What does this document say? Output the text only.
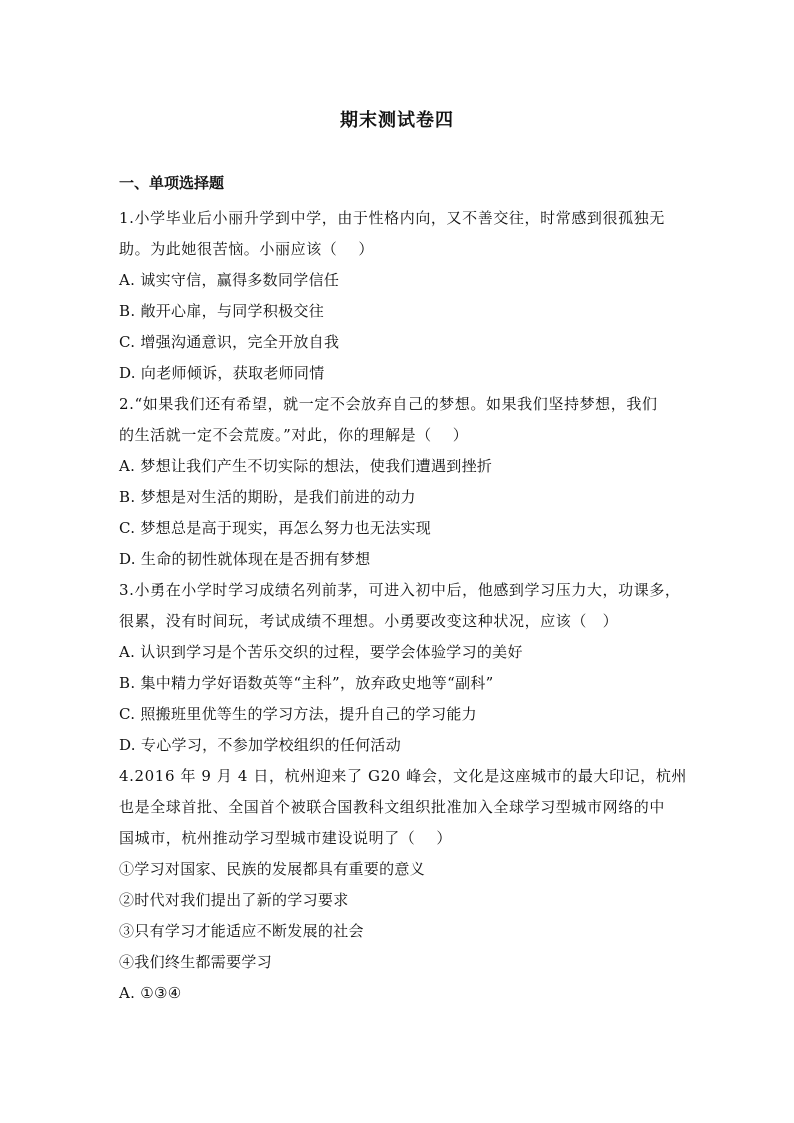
期末测试卷四
一、单项选择题
1.小学毕业后小丽升学到中学，由于性格内向，又不善交往，时常感到很孤独无
助。为此她很苦恼。小丽应该（　 ）
A. 诚实守信，赢得多数同学信任
B. 敞开心扉，与同学积极交往
C. 增强沟通意识，完全开放自我
D. 向老师倾诉，获取老师同情
2.“如果我们还有希望，就一定不会放弃自己的梦想。如果我们坚持梦想，我们
的生活就一定不会荒废。”对此，你的理解是（　 ）
A. 梦想让我们产生不切实际的想法，使我们遭遇到挫折
B. 梦想是对生活的期盼，是我们前进的动力
C. 梦想总是高于现实，再怎么努力也无法实现
D. 生命的韧性就体现在是否拥有梦想
3.小勇在小学时学习成绩名列前茅，可进入初中后，他感到学习压力大，功课多，
很累，没有时间玩，考试成绩不理想。小勇要改变这种状况，应该（　）
A. 认识到学习是个苦乐交织的过程，要学会体验学习的美好
B. 集中精力学好语数英等“主科”，放弃政史地等“副科”
C. 照搬班里优等生的学习方法，提升自己的学习能力
D. 专心学习，不参加学校组织的任何活动
4.2016 年 9 月 4 日，杭州迎来了 G20 峰会，文化是这座城市的最大印记，杭州
也是全球首批、全国首个被联合国教科文组织批准加入全球学习型城市网络的中
国城市，杭州推动学习型城市建设说明了（　 ）
①学习对国家、民族的发展都具有重要的意义
②时代对我们提出了新的学习要求
③只有学习才能适应不断发展的社会
④我们终生都需要学习
A. ①③④
